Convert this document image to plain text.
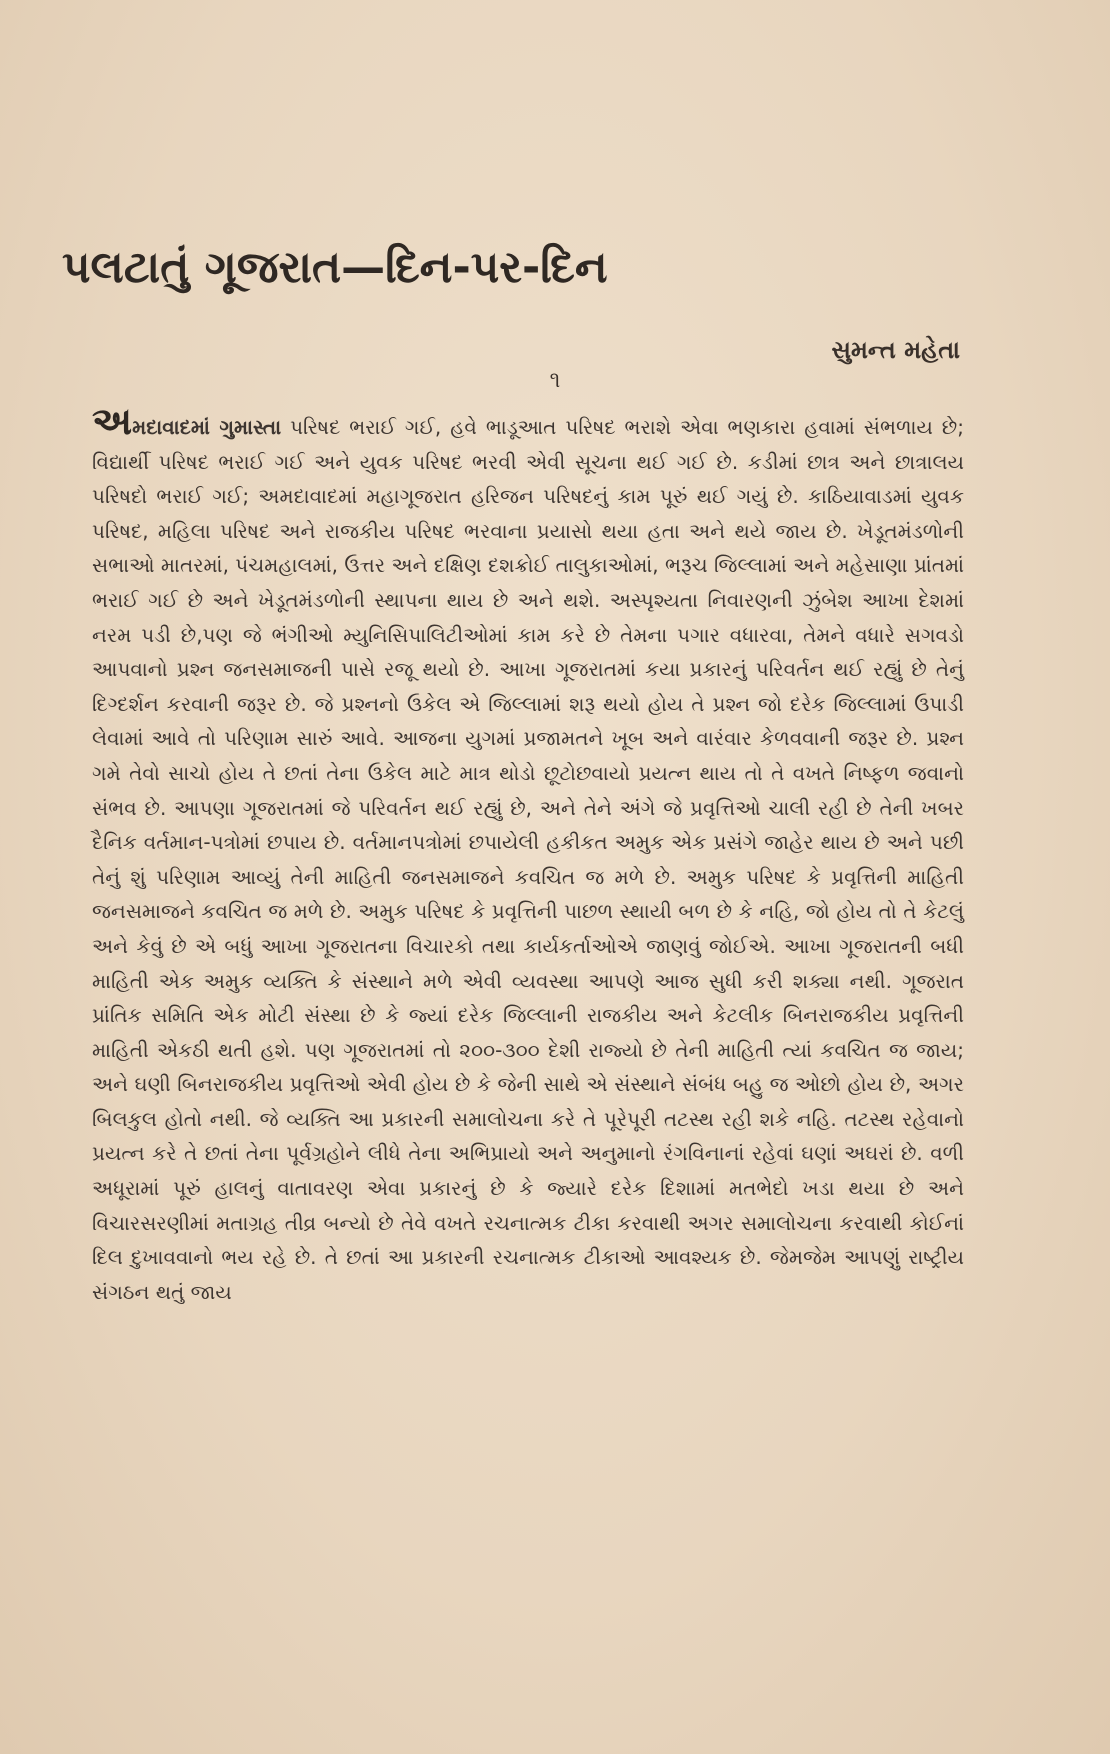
પલટાતું ગૂજરાત—દિન-પર-દિન
સુમન્ત મહેતા
૧

અમદાવાદમાં ગુમાસ્તા પરિષદ ભરાઈ ગઈ, હવે ભાડૂઆત પરિષદ ભરાશે એવા ભણકારા હવામાં સંભળાય છે; વિદ્યાર્થી પરિષદ ભરાઈ ગઈ અને યુવક પરિષદ ભરવી એવી સૂચના થઈ ગઈ છે. કડીમાં છાત્ર અને છાત્રાલય પરિષદો ભરાઈ ગઈ; અમદાવાદમાં મહાગૂજરાત હરિજન પરિષદનું કામ પૂરું થઈ ગયું છે. કાઠિયાવાડમાં યુવક પરિષદ, મહિલા પરિષદ અને રાજકીય પરિષદ ભરવાના પ્રયાસો થયા હતા અને થયે જાય છે. ખેડૂતમંડળોની સભાઓ માતરમાં, પંચમહાલમાં, ઉત્તર અને દક્ષિણ દશક્રોઈ તાલુકાઓમાં, ભરૂચ જિલ્લામાં અને મહેસાણા પ્રાંતમાં ભરાઈ ગઈ છે અને ખેડૂતમંડળોની સ્થાપના થાય છે અને થશે. અસ્પૃશ્યતા નિવારણની ઝુંબેશ આખા દેશમાં નરમ પડી છે,પણ જે ભંગીઓ મ્યુનિસિપાલિટીઓમાં કામ કરે છે તેમના પગાર વધારવા, તેમને વધારે સગવડો આપવાનો પ્રશ્ન જનસમાજની પાસે રજૂ થયો છે. આખા ગૂજરાતમાં કયા પ્રકારનું પરિવર્તન થઈ રહ્યું છે તેનું દિગ્દર્શન કરવાની જરૂર છે. જે પ્રશ્નનો ઉકેલ એ જિલ્લામાં શરૂ થયો હોય તે પ્રશ્ન જો દરેક જિલ્લામાં ઉપાડી લેવામાં આવે તો પરિણામ સારું આવે. આજના યુગમાં પ્રજામતને ખૂબ અને વારંવાર કેળવવાની જરૂર છે. પ્રશ્ન ગમે તેવો સાચો હોય તે છતાં તેના ઉકેલ માટે માત્ર થોડો છૂટોછવાયો પ્રયત્ન થાય તો તે વખતે નિષ્ફળ જવાનો સંભવ છે. આપણા ગૂજરાતમાં જે પરિવર્તન થઈ રહ્યું છે, અને તેને અંગે જે પ્રવૃત્તિઓ ચાલી રહી છે તેની ખબર દૈનિક વર્તમાન-પત્રોમાં છપાય છે. વર્તમાનપત્રોમાં છપાયેલી હકીકત અમુક એક પ્રસંગે જાહેર થાય છે અને પછી તેનું શું પરિણામ આવ્યું તેની માહિતી જનસમાજને કવચિત જ મળે છે. અમુક પરિષદ કે પ્રવૃત્તિની માહિતી જનસમાજને કવચિત જ મળે છે. અમુક પરિષદ કે પ્રવૃત્તિની પાછળ સ્થાયી બળ છે કે નહિ, જો હોય તો તે કેટલું અને કેવું છે એ બધું આખા ગૂજરાતના વિચારકો તથા કાર્યકર્તાઓએ જાણવું જોઈએ. આખા ગૂજરાતની બધી માહિતી એક અમુક વ્યક્તિ કે સંસ્થાને મળે એવી વ્યવસ્થા આપણે આજ સુધી કરી શક્યા નથી. ગૂજરાત પ્રાંતિક સમિતિ એક મોટી સંસ્થા છે કે જ્યાં દરેક જિલ્લાની રાજકીય અને કેટલીક બિનરાજકીય પ્રવૃત્તિની માહિતી એકઠી થતી હશે. પણ ગૂજરાતમાં તો ૨૦૦-૩૦૦ દેશી રાજ્યો છે તેની માહિતી ત્યાં કવચિત જ જાય; અને ઘણી બિનરાજકીય પ્રવૃત્તિઓ એવી હોય છે કે જેની સાથે એ સંસ્થાને સંબંધ બહુ જ ઓછો હોય છે, અગર બિલકુલ હોતો નથી. જે વ્યક્તિ આ પ્રકારની સમાલોચના કરે તે પૂરેપૂરી તટસ્થ રહી શકે નહિ. તટસ્થ રહેવાનો પ્રયત્ન કરે તે છતાં તેના પૂર્વગ્રહોને લીધે તેના અભિપ્રાયો અને અનુમાનો રંગવિનાનાં રહેવાં ઘણાં અઘરાં છે. વળી અધૂરામાં પૂરું હાલનું વાતાવરણ એવા પ્રકારનું છે કે જ્યારે દરેક દિશામાં મતભેદો ખડા થયા છે અને વિચારસરણીમાં મતાગ્રહ તીવ્ર બન્યો છે તેવે વખતે રચનાત્મક ટીકા કરવાથી અગર સમાલોચના કરવાથી કોઈનાં દિલ દુખાવવાનો ભય રહે છે. તે છતાં આ પ્રકારની રચનાત્મક ટીકાઓ આવશ્યક છે. જેમજેમ આપણું રાષ્ટ્રીય સંગઠન થતું જાય
